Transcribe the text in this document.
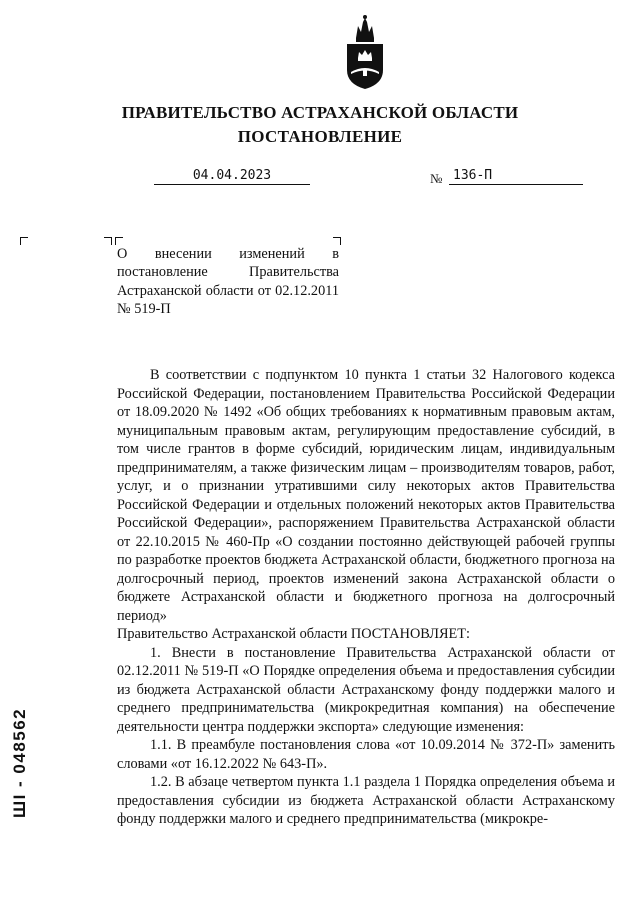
ПРАВИТЕЛЬСТВО АСТРАХАНСКОЙ ОБЛАСТИ
ПОСТАНОВЛЕНИЕ
04.04.2023	№ 136-П
О внесении изменений в постановление Правительства Астраханской области от 02.12.2011 № 519-П

В соответствии с подпунктом 10 пункта 1 статьи 32 Налогового кодекса Российской Федерации, постановлением Правительства Российской Федерации от 18.09.2020 № 1492 «Об общих требованиях к нормативным правовым актам, муниципальным правовым актам, регулирующим предоставление субсидий, в том числе грантов в форме субсидий, юридическим лицам, индивидуальным предпринимателям, а также физическим лицам – производителям товаров, работ, услуг, и о признании утратившими силу некоторых актов Правительства Российской Федерации и отдельных положений некоторых актов Правительства Российской Федерации», распоряжением Правительства Астраханской области от 22.10.2015 № 460-Пр «О создании постоянно действующей рабочей группы по разработке проектов бюджета Астраханской области, бюджетного прогноза на долгосрочный период, проектов изменений закона Астраханской области о бюджете Астраханской области и бюджетного прогноза на долгосрочный период»

Правительство Астраханской области ПОСТАНОВЛЯЕТ:

1. Внести в постановление Правительства Астраханской области от 02.12.2011 № 519-П «О Порядке определения объема и предоставления субсидии из бюджета Астраханской области Астраханскому фонду поддержки малого и среднего предпринимательства (микрокредитная компания) на обеспечение деятельности центра поддержки экспорта» следующие изменения:

1.1. В преамбуле постановления слова «от 10.09.2014 № 372-П» заменить словами «от 16.12.2022 № 643-П».

1.2. В абзаце четвертом пункта 1.1 раздела 1 Порядка определения объема и предоставления субсидии из бюджета Астраханской области Астраханскому фонду поддержки малого и среднего предпринимательства (микрокре-

ШI - 048562
